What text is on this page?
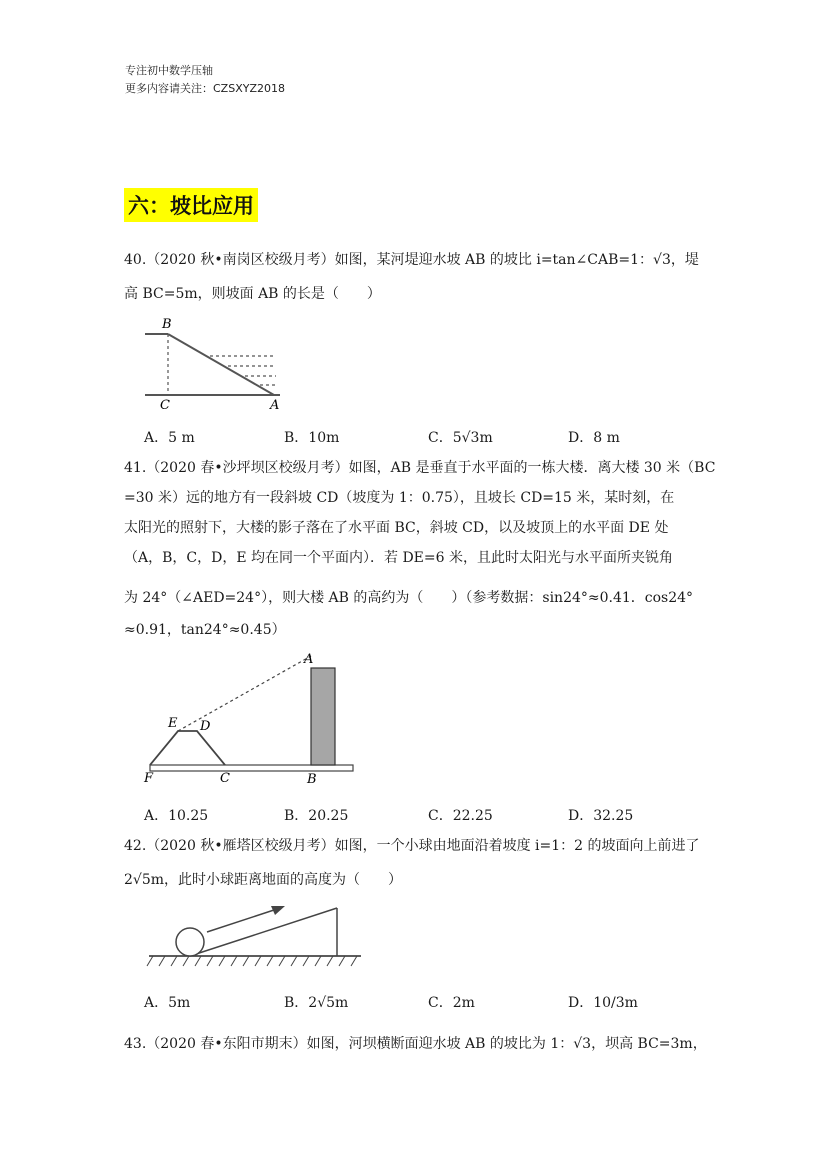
专注初中数学压轴
更多内容请关注：CZSXYZ2018
六：坡比应用
40.（2020 秋•南岗区校级月考）如图，某河堤迎水坡 AB 的坡比 i=tan∠CAB=1：√3，堤
高 BC=5m，则坡面 AB 的长是（　　）
B
C	A
A．5 m	B．10m	C．5√3m	D．8 m
41.（2020 春•沙坪坝区校级月考）如图，AB 是垂直于水平面的一栋大楼．离大楼 30 米（BC
=30 米）远的地方有一段斜坡 CD（坡度为 1：0.75），且坡长 CD=15 米，某时刻，在
太阳光的照射下，大楼的影子落在了水平面 BC，斜坡 CD，以及坡顶上的水平面 DE 处
（A，B，C，D，E 均在同一个平面内）．若 DE=6 米，且此时太阳光与水平面所夹锐角
为 24°（∠AED=24°），则大楼 AB 的高约为（　　）（参考数据：sin24°≈0.41．cos24°
≈0.91，tan24°≈0.45）
A
E D
F	C	B
A．10.25	B．20.25	C．22.25	D．32.25
42.（2020 秋•雁塔区校级月考）如图，一个小球由地面沿着坡度 i=1：2 的坡面向上前进了
2√5m，此时小球距离地面的高度为（　　）
A．5m	B．2√5m	C．2m	D．10/3m
43.（2020 春•东阳市期末）如图，河坝横断面迎水坡 AB 的坡比为 1：√3，坝高 BC=3m，
